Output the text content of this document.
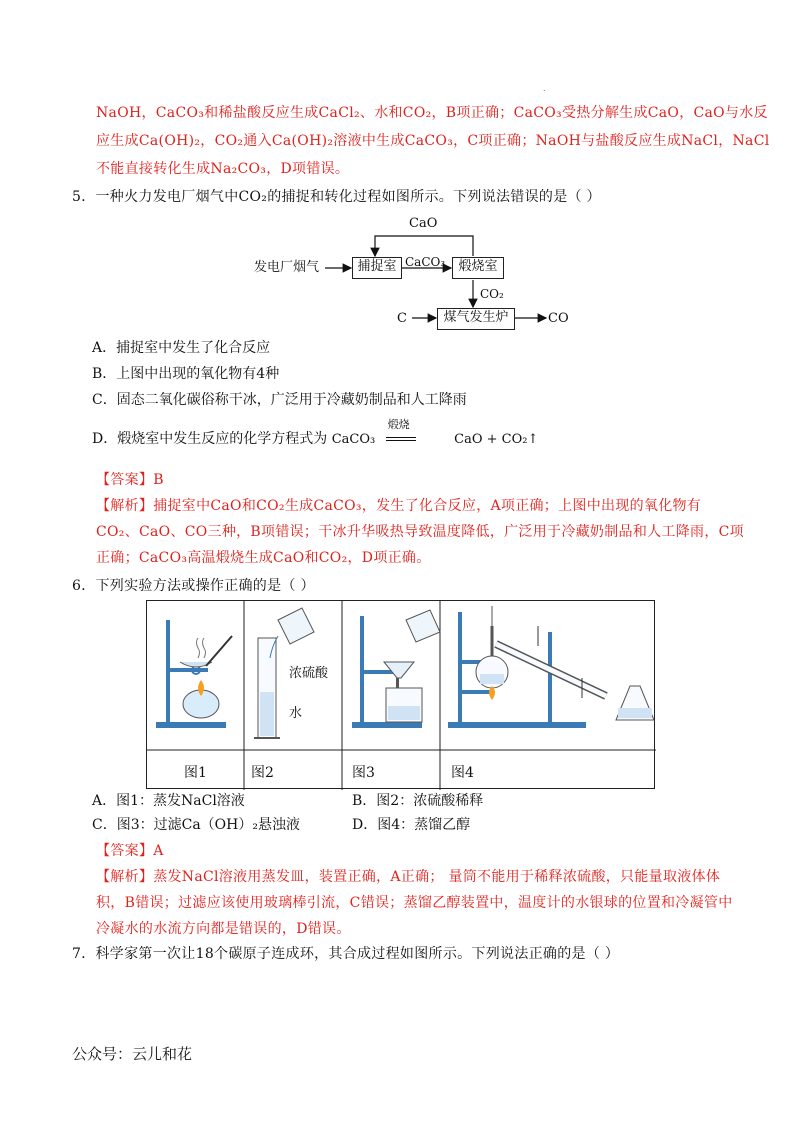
.
NaOH，CaCO₃和稀盐酸反应生成CaCl₂、水和CO₂，B项正确；CaCO₃受热分解生成CaO，CaO与水反
应生成Ca(OH)₂，CO₂通入Ca(OH)₂溶液中生成CaCO₃，C项正确；NaOH与盐酸反应生成NaCl，NaCl
不能直接转化生成Na₂CO₃，D项错误。
5．一种火力发电厂烟气中CO₂的捕捉和转化过程如图所示。下列说法错误的是（ ）
发电厂烟气	捕捉室	煅烧室
煤气发生炉
CaO
CaCO₃
CO₂
C	CO
A．捕捉室中发生了化合反应
B．上图中出现的氧化物有4种
C．固态二氧化碳俗称干冰，广泛用于冷藏奶制品和人工降雨
D．煅烧室中发生反应的化学方程式为 CaCO₃
煅烧
CaO + CO₂↑
【答案】B
【解析】捕捉室中CaO和CO₂生成CaCO₃，发生了化合反应，A项正确；上图中出现的氧化物有
CO₂、CaO、CO三种，B项错误；干冰升华吸热导致温度降低，广泛用于冷藏奶制品和人工降雨，C项
正确；CaCO₃高温煅烧生成CaO和CO₂，D项正确。
6．下列实验方法或操作正确的是（ ）
浓硫酸
水
图1	图2	图3	图4
A．图1：蒸发NaCl溶液	B．图2：浓硫酸稀释
C．图3：过滤Ca（OH）₂悬浊液	D．图4：蒸馏乙醇
【答案】A
【解析】蒸发NaCl溶液用蒸发皿，装置正确，A正确； 量筒不能用于稀释浓硫酸，只能量取液体体
积，B错误；过滤应该使用玻璃棒引流，C错误；蒸馏乙醇装置中，温度计的水银球的位置和冷凝管中
冷凝水的水流方向都是错误的，D错误。
7．科学家第一次让18个碳原子连成环，其合成过程如图所示。下列说法正确的是（ ）
公众号：云儿和花
